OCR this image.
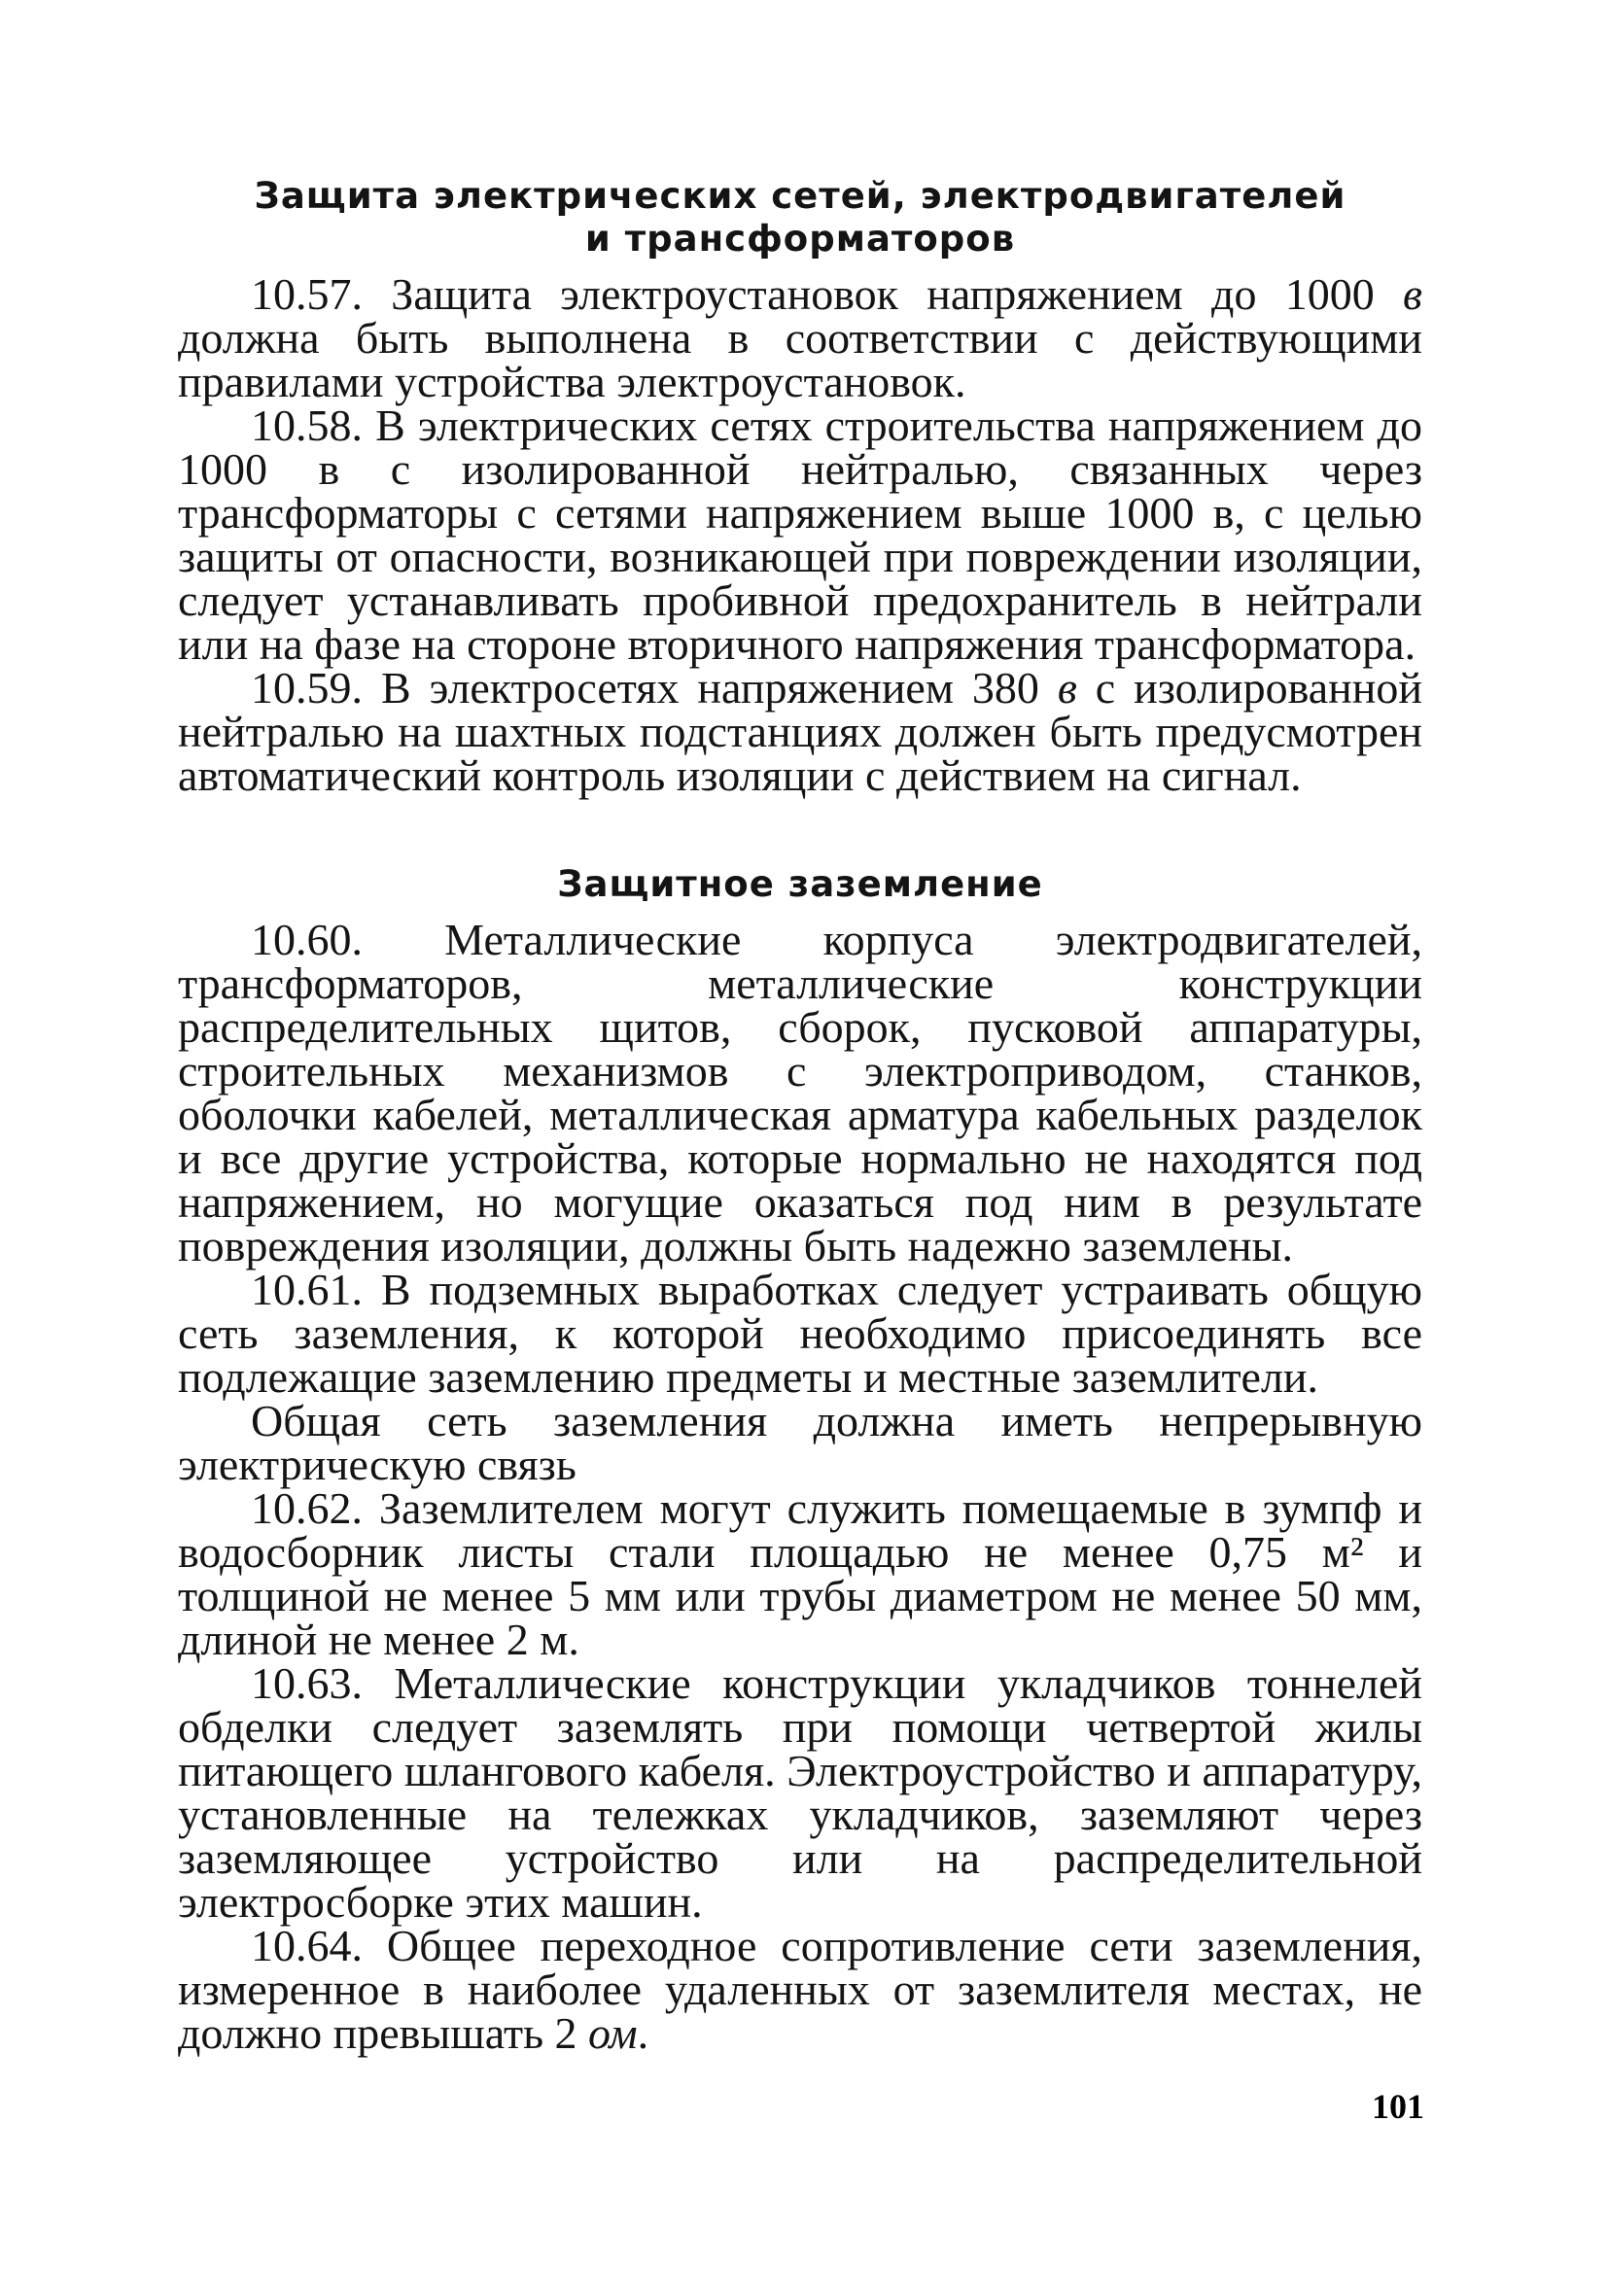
Защита электрических сетей, электродвигателей
и трансформаторов

10.57. Защита электроустановок напряжением до 1000 в должна быть выполнена в соответствии с действующими правилами устройства электроустановок.

10.58. В электрических сетях строительства напряжением до 1000 в с изолированной нейтралью, связанных через трансформаторы с сетями напряжением выше 1000 в, с целью защиты от опасности, возникающей при повреждении изоляции, следует устанавливать пробивной предохранитель в нейтрали или на фазе на стороне вторичного напряжения трансформатора.

10.59. В электросетях напряжением 380 в с изолированной нейтралью на шахтных подстанциях должен быть предусмотрен автоматический контроль изоляции с действием на сигнал.

Защитное заземление

10.60. Металлические корпуса электродвигателей, трансформаторов, металлические конструкции распределительных щитов, сборок, пусковой аппаратуры, строительных механизмов с электроприводом, станков, оболочки кабелей, металлическая арматура кабельных разделок и все другие устройства, которые нормально не находятся под напряжением, но могущие оказаться под ним в результате повреждения изоляции, должны быть надежно заземлены.

10.61. В подземных выработках следует устраивать общую сеть заземления, к которой необходимо присоединять все подлежащие заземлению предметы и местные заземлители.

Общая сеть заземления должна иметь непрерывную электрическую связь

10.62. Заземлителем могут служить помещаемые в зумпф и водосборник листы стали площадью не менее 0,75 м² и толщиной не менее 5 мм или трубы диаметром не менее 50 мм, длиной не менее 2 м.

10.63. Металлические конструкции укладчиков тоннелей обделки следует заземлять при помощи четвертой жилы питающего шлангового кабеля. Электроустройство и аппаратуру, установленные на тележках укладчиков, заземляют через заземляющее устройство или на распределительной электросборке этих машин.

10.64. Общее переходное сопротивление сети заземления, измеренное в наиболее удаленных от заземлителя местах, не должно превышать 2 ом.

101
